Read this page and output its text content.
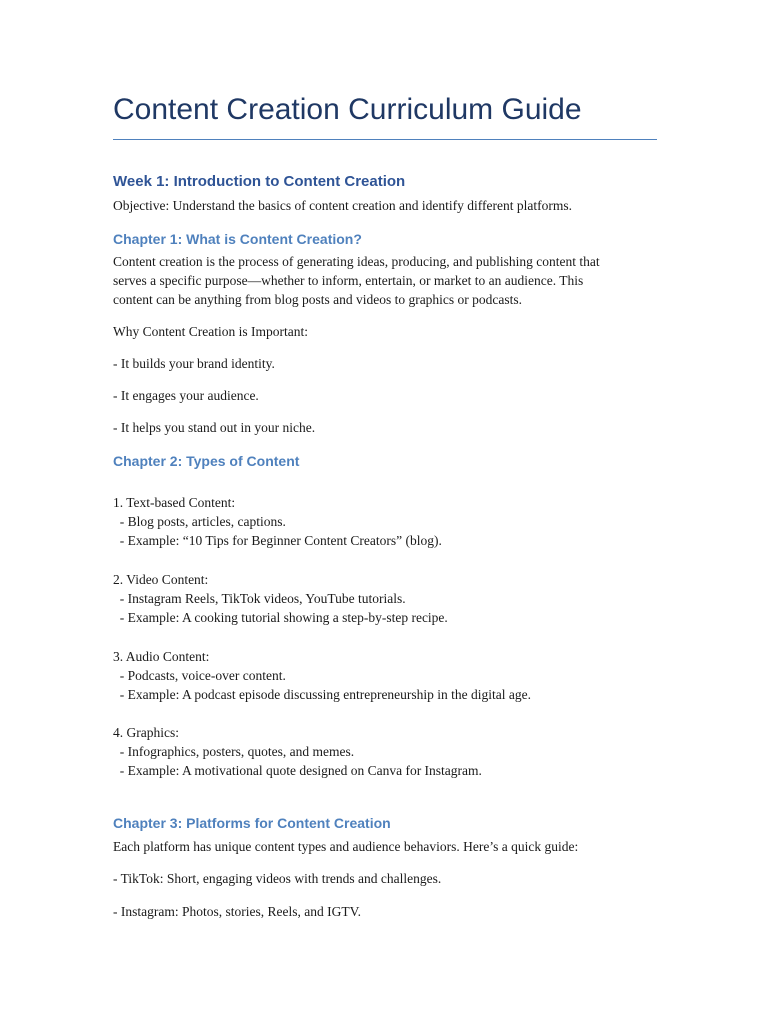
Content Creation Curriculum Guide
Week 1: Introduction to Content Creation
Objective: Understand the basics of content creation and identify different platforms.
Chapter 1: What is Content Creation?
Content creation is the process of generating ideas, producing, and publishing content that
serves a specific purpose—whether to inform, entertain, or market to an audience. This
content can be anything from blog posts and videos to graphics or podcasts.
Why Content Creation is Important:
- It builds your brand identity.
- It engages your audience.
- It helps you stand out in your niche.
Chapter 2: Types of Content
1. Text-based Content:
- Blog posts, articles, captions.
- Example: “10 Tips for Beginner Content Creators” (blog).
2. Video Content:
- Instagram Reels, TikTok videos, YouTube tutorials.
- Example: A cooking tutorial showing a step-by-step recipe.
3. Audio Content:
- Podcasts, voice-over content.
- Example: A podcast episode discussing entrepreneurship in the digital age.
4. Graphics:
- Infographics, posters, quotes, and memes.
- Example: A motivational quote designed on Canva for Instagram.
Chapter 3: Platforms for Content Creation
Each platform has unique content types and audience behaviors. Here’s a quick guide:
- TikTok: Short, engaging videos with trends and challenges.
- Instagram: Photos, stories, Reels, and IGTV.
